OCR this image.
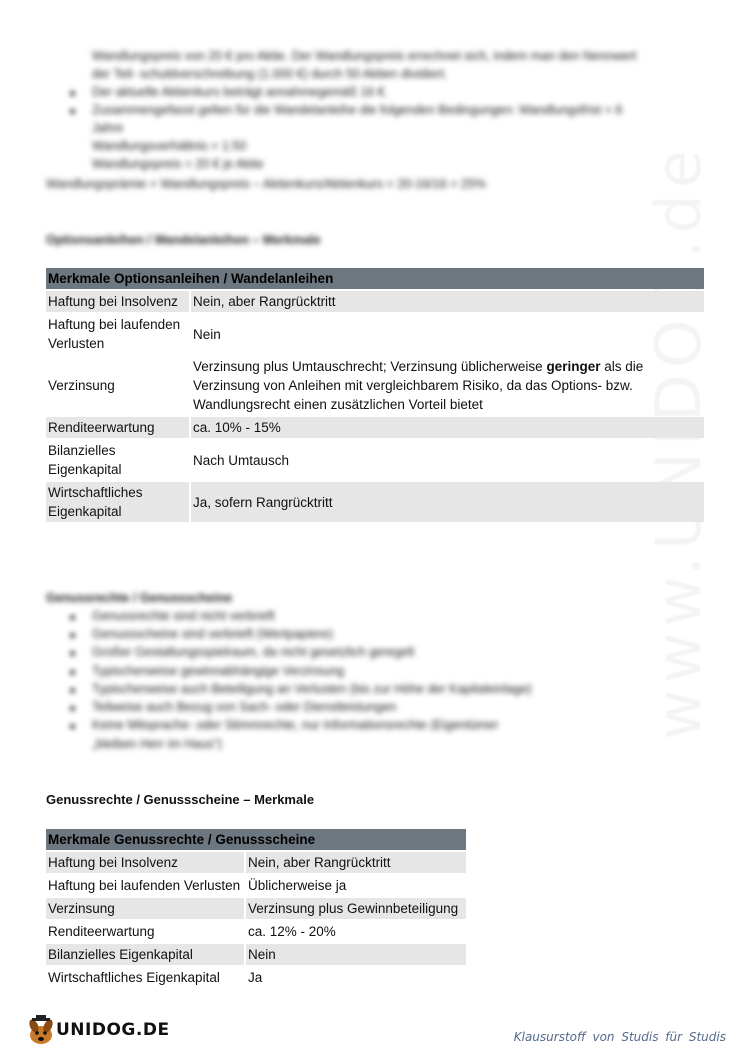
Wandlungspreis von 20 € pro Aktie. Der Wandlungspreis errechnet sich, indem man den Nennwert
der Teil- schuldverschreibung (1.000 €) durch 50 Aktien dividiert.
Der aktuelle Aktienkurs beträgt annahmegemäß 16 €.
Zusammengefasst gelten für die Wandelanleihe die folgenden Bedingungen: Wandlungsfrist = 6
Jahre
Wandlungsverhältnis = 1:50
Wandlungspreis = 20 € je Aktie
Wandlungsprämie = Wandlungspreis – Aktienkurs/Aktienkurs = 20-16/16 = 25%
Optionsanleihen / Wandelanleihen – Merkmale
Merkmale Optionsanleihen / Wandelanleihen	
Haftung bei Insolvenz	Nein, aber Rangrücktritt
Haftung bei laufenden Verlusten	Nein
Verzinsung	Verzinsung plus Umtauschrecht; Verzinsung üblicherweise geringer als die Verzinsung von Anleihen mit vergleichbarem Risiko, da das Options- bzw. Wandlungsrecht einen zusätzlichen Vorteil bietet
Renditeerwartung	ca. 10% - 15%
Bilanzielles Eigenkapital	Nach Umtausch
Wirtschaftliches Eigenkapital	Ja, sofern Rangrücktritt
Genussrechte / Genussscheine
Genussrechte sind nicht verbrieft
Genussscheine sind verbrieft (Wertpapiere)
Großer Gestaltungsspielraum, da nicht gesetzlich geregelt
Typischerweise gewinnabhängige Verzinsung
Typischerweise auch Beteiligung an Verlusten (bis zur Höhe der Kapitaleinlage)
Teilweise auch Bezug von Sach- oder Dienstleistungen
Keine Mitsprache- oder Stimmrechte, nur Informationsrechte (Eigentümer
„bleiben Herr im Haus“)
Genussrechte / Genussscheine – Merkmale
Merkmale Genussrechte / Genussscheine	
Haftung bei Insolvenz	Nein, aber Rangrücktritt
Haftung bei laufenden Verlusten	Üblicherweise ja
Verzinsung	Verzinsung plus Gewinnbeteiligung
Renditeerwartung	ca. 12% - 20%
Bilanzielles Eigenkapital	Nein
Wirtschaftliches Eigenkapital	Ja
UNIDOG.DE	Klausurstoff von Studis für Studis
